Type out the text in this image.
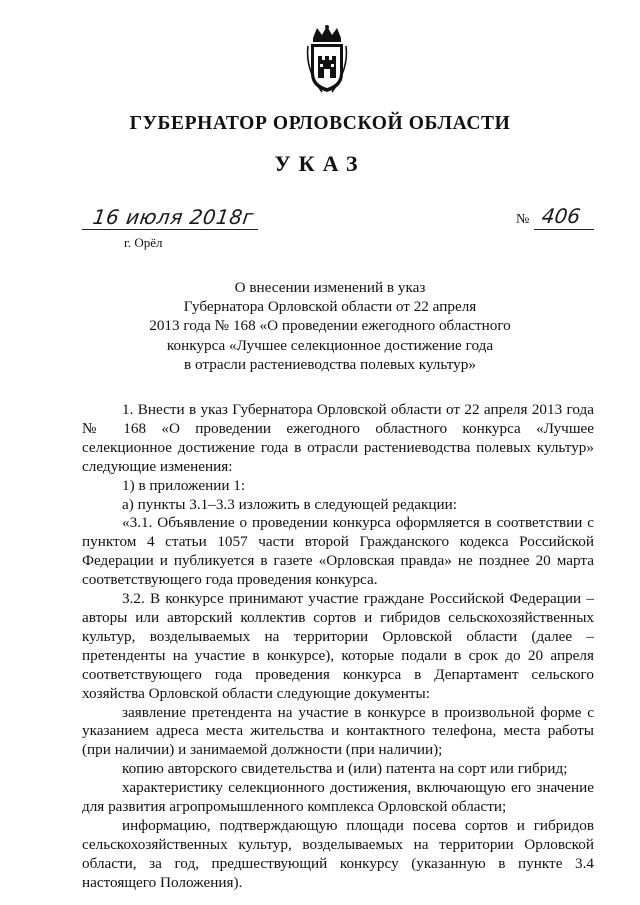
ГУБЕРНАТОР ОРЛОВСКОЙ ОБЛАСТИ
УКАЗ
16 июля 2018г
г. Орёл
№ 406
О внесении изменений в указ
Губернатора Орловской области от 22 апреля
2013 года № 168 «О проведении ежегодного областного
конкурса «Лучшее селекционное достижение года
в отрасли растениеводства полевых культур»

1. Внести в указ Губернатора Орловской области от 22 апреля 2013 года № 168 «О проведении ежегодного областного конкурса «Лучшее селекционное достижение года в отрасли растениеводства полевых культур» следующие изменения:

1) в приложении 1:

а) пункты 3.1–3.3 изложить в следующей редакции:

«3.1. Объявление о проведении конкурса оформляется в соответствии с пунктом 4 статьи 1057 части второй Гражданского кодекса Российской Федерации и публикуется в газете «Орловская правда» не позднее 20 марта соответствующего года проведения конкурса.

3.2. В конкурсе принимают участие граждане Российской Федерации – авторы или авторский коллектив сортов и гибридов сельскохозяйственных культур, возделываемых на территории Орловской области (далее – претенденты на участие в конкурсе), которые подали в срок до 20 апреля соответствующего года проведения конкурса в Департамент сельского хозяйства Орловской области следующие документы:

заявление претендента на участие в конкурсе в произвольной форме с указанием адреса места жительства и контактного телефона, места работы (при наличии) и занимаемой должности (при наличии);

копию авторского свидетельства и (или) патента на сорт или гибрид;

характеристику селекционного достижения, включающую его значение для развития агропромышленного комплекса Орловской области;

информацию, подтверждающую площади посева сортов и гибридов сельскохозяйственных культур, возделываемых на территории Орловской области, за год, предшествующий конкурсу (указанную в пункте 3.4 настоящего Положения).
